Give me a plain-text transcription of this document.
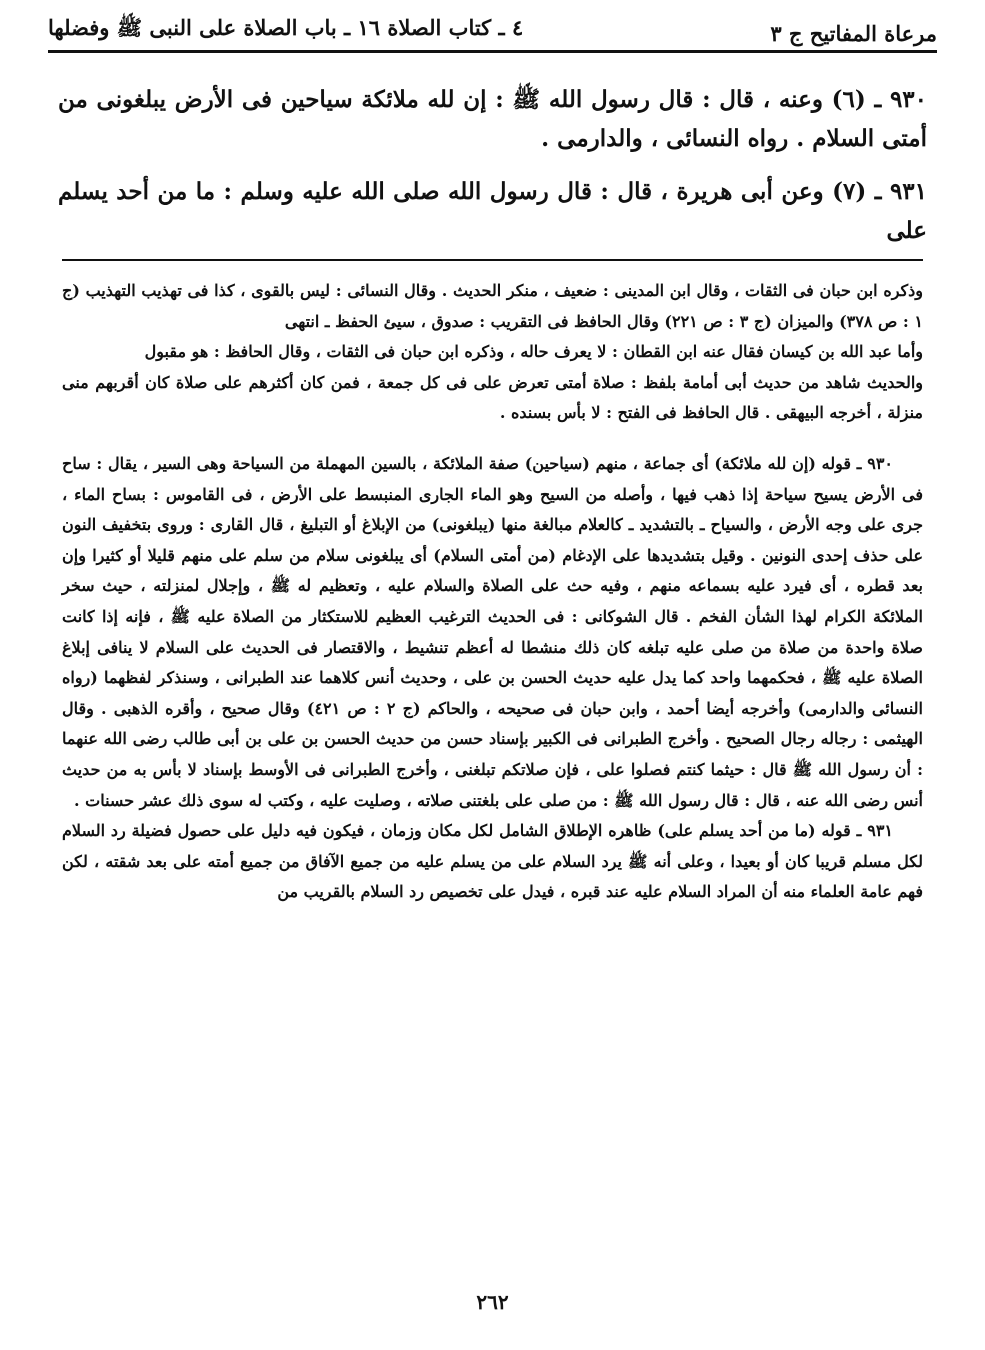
مرعاة المفاتيح ج ٣
٤ ـ كتاب الصلاة ١٦ ـ باب الصلاة على النبى ﷺ وفضلها

٩٣٠ ـ (٦) وعنه ، قال : قال رسول الله ﷺ : إن لله ملائكة سياحين فى الأرض يبلغونى من أمتى السلام . رواه النسائى ، والدارمى .

٩٣١ ـ (٧) وعن أبى هريرة ، قال : قال رسول الله صلى الله عليه وسلم : ما من أحد يسلم على

وذكره ابن حبان فى الثقات ، وقال ابن المدينى : ضعيف ، منكر الحديث . وقال النسائى : ليس بالقوى ، كذا فى تهذيب التهذيب (ج ١ : ص ٣٧٨) والميزان (ج ٣ : ص ٢٢١) وقال الحافظ فى التقريب : صدوق ، سيئ الحفظ ـ انتهى

وأما عبد الله بن كيسان فقال عنه ابن القطان : لا يعرف حاله ، وذكره ابن حبان فى الثقات ، وقال الحافظ : هو مقبول

والحديث شاهد من حديث أبى أمامة بلفظ : صلاة أمتى تعرض على فى كل جمعة ، فمن كان أكثرهم على صلاة كان أقربهم منى منزلة ، أخرجه البيهقى . قال الحافظ فى الفتح : لا بأس بسنده .

٩٣٠ ـ قوله (إن لله ملائكة) أى جماعة ، منهم (سياحين) صفة الملائكة ، بالسين المهملة من السياحة وهى السير ، يقال : ساح فى الأرض يسيح سياحة إذا ذهب فيها ، وأصله من السيح وهو الماء الجارى المنبسط على الأرض ، فى القاموس : بساح الماء ، جرى على وجه الأرض ، والسياح ـ بالتشديد ـ كالعلام مبالغة منها (يبلغونى) من الإبلاغ أو التبليغ ، قال القارى : وروى بتخفيف النون على حذف إحدى النونين . وقيل بتشديدها على الإدغام (من أمتى السلام) أى يبلغونى سلام من سلم على منهم قليلا أو كثيرا وإن بعد قطره ، أى فيرد عليه بسماعه منهم ، وفيه حث على الصلاة والسلام عليه ، وتعظيم له ﷺ ، وإجلال لمنزلته ، حيث سخر الملائكة الكرام لهذا الشأن الفخم . قال الشوكانى : فى الحديث الترغيب العظيم للاستكثار من الصلاة عليه ﷺ ، فإنه إذا كانت صلاة واحدة من صلاة من صلى عليه تبلغه كان ذلك منشطا له أعظم تنشيط ، والاقتصار فى الحديث على السلام لا ينافى إبلاغ الصلاة عليه ﷺ ، فحكمهما واحد كما يدل عليه حديث الحسن بن على ، وحديث أنس كلاهما عند الطبرانى ، وسنذكر لفظهما (رواه النسائى والدارمى) وأخرجه أيضا أحمد ، وابن حبان فى صحيحه ، والحاكم (ج ٢ : ص ٤٢١) وقال صحيح ، وأقره الذهبى . وقال الهيثمى : رجاله رجال الصحيح . وأخرج الطبرانى فى الكبير بإسناد حسن من حديث الحسن بن على بن أبى طالب رضى الله عنهما : أن رسول الله ﷺ قال : حيثما كنتم فصلوا على ، فإن صلاتكم تبلغنى ، وأخرج الطبرانى فى الأوسط بإسناد لا بأس به من حديث أنس رضى الله عنه ، قال : قال رسول الله ﷺ : من صلى على بلغتنى صلاته ، وصليت عليه ، وكتب له سوى ذلك عشر حسنات .

٩٣١ ـ قوله (ما من أحد يسلم على) ظاهره الإطلاق الشامل لكل مكان وزمان ، فيكون فيه دليل على حصول فضيلة رد السلام لكل مسلم قريبا كان أو بعيدا ، وعلى أنه ﷺ يرد السلام على من يسلم عليه من جميع الآفاق من جميع أمته على بعد شقته ، لكن فهم عامة العلماء منه أن المراد السلام عليه عند قبره ، فيدل على تخصيص رد السلام بالقريب من

٢٦٢
